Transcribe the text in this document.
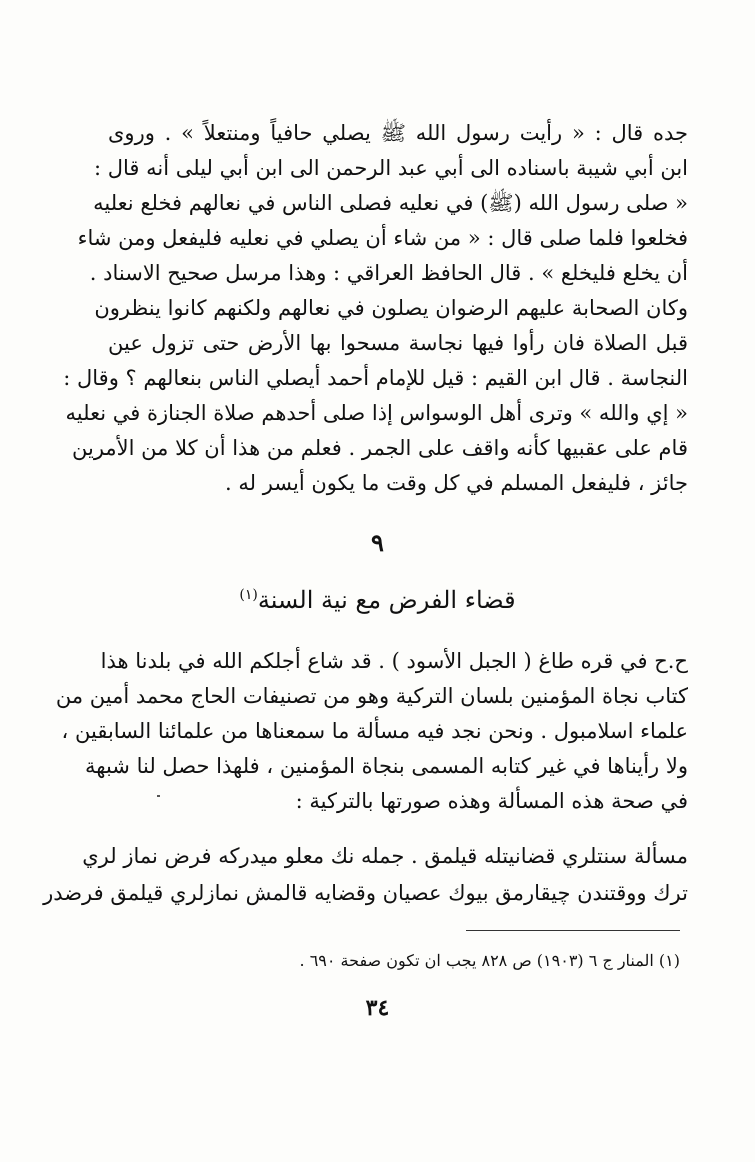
جده قال : « رأيت رسول الله ﷺ يصلي حافياً ومنتعلاً » . وروى
ابن أبي شيبة باسناده الى أبي عبد الرحمن الى ابن أبي ليلى أنه قال :
« صلى رسول الله (ﷺ) في نعليه فصلى الناس في نعالهم فخلع نعليه
فخلعوا فلما صلى قال : « من شاء أن يصلي في نعليه فليفعل ومن شاء
أن يخلع فليخلع » . قال الحافظ العراقي : وهذا مرسل صحيح الاسناد .
وكان الصحابة عليهم الرضوان يصلون في نعالهم ولكنهم كانوا ينظرون
قبل الصلاة فان رأوا فيها نجاسة مسحوا بها الأرض حتى تزول عين
النجاسة . قال ابن القيم : قيل للإمام أحمد أيصلي الناس بنعالهم ؟ وقال :
« إي والله » وترى أهل الوسواس إذا صلى أحدهم صلاة الجنازة في نعليه
قام على عقبيها كأنه واقف على الجمر . فعلم من هذا أن كلا من الأمرين
جائز ، فليفعل المسلم في كل وقت ما يكون أيسر له .
٩
قضاء الفرض مع نية السنة$^{(١)}$
ح.ح في قره طاغ ( الجبل الأسود ) . قد شاع أجلكم الله في بلدنا هذا
كتاب نجاة المؤمنين بلسان التركية وهو من تصنيفات الحاج محمد أمين من
علماء اسلامبول . ونحن نجد فيه مسألة ما سمعناها من علمائنا السابقين ،
ولا رأيناها في غير كتابه المسمى بنجاة المؤمنين ، فلهذا حصل لنا شبهة
في صحة هذه المسألة وهذه صورتها بالتركية :
مسألة سنتلري قضانيتله قيلمق . جمله نك معلو ميدركه فرض نماز لري
ترك ووقتندن چيقارمق بيوك عصيان وقضايه قالمش نمازلري قيلمق فرضدر
(١) المنار ج ٦ (١٩٠٣) ص ٨٢٨ يجب ان تكون صفحة ٦٩٠ .
٣٤
